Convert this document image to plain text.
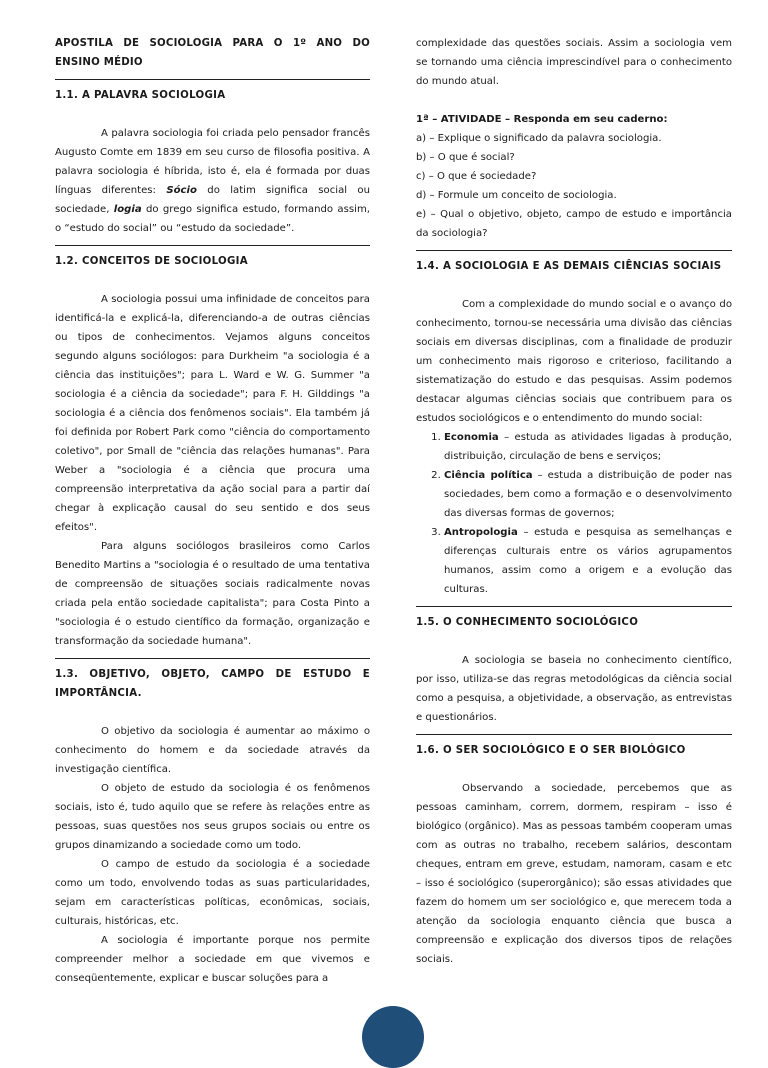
APOSTILA DE SOCIOLOGIA PARA O 1º ANO DO ENSINO MÉDIO

1.1. A PALAVRA SOCIOLOGIA

A palavra sociologia foi criada pelo pensador francês Augusto Comte em 1839 em seu curso de filosofia positiva. A palavra sociologia é híbrida, isto é, ela é formada por duas línguas diferentes: Sócio do latim significa social ou sociedade, logia do grego significa estudo, formando assim, o “estudo do social” ou “estudo da sociedade”.

1.2. CONCEITOS DE SOCIOLOGIA

A sociologia possui uma infinidade de conceitos para identificá-la e explicá-la, diferenciando-a de outras ciências ou tipos de conhecimentos. Vejamos alguns conceitos segundo alguns sociólogos: para Durkheim "a sociologia é a ciência das instituições"; para L. Ward e W. G. Summer "a sociologia é a ciência da sociedade"; para F. H. Gilddings "a sociologia é a ciência dos fenômenos sociais". Ela também já foi definida por Robert Park como "ciência do comportamento coletivo", por Small de "ciência das relações humanas". Para Weber a "sociologia é a ciência que procura uma compreensão interpretativa da ação social para a partir daí chegar à explicação causal do seu sentido e dos seus efeitos".

Para alguns sociólogos brasileiros como Carlos Benedito Martins a "sociologia é o resultado de uma tentativa de compreensão de situações sociais radicalmente novas criada pela então sociedade capitalista"; para Costa Pinto a "sociologia é o estudo científico da formação, organização e transformação da sociedade humana".

1.3. OBJETIVO, OBJETO, CAMPO DE ESTUDO E IMPORTÂNCIA.

O objetivo da sociologia é aumentar ao máximo o conhecimento do homem e da sociedade através da investigação científica.

O objeto de estudo da sociologia é os fenômenos sociais, isto é, tudo aquilo que se refere às relações entre as pessoas, suas questões nos seus grupos sociais ou entre os grupos dinamizando a sociedade como um todo.

O campo de estudo da sociologia é a sociedade como um todo, envolvendo todas as suas particularidades, sejam em características políticas, econômicas, sociais, culturais, históricas, etc.

A sociologia é importante porque nos permite compreender melhor a sociedade em que vivemos e conseqüentemente, explicar e buscar soluções para a

complexidade das questões sociais. Assim a sociologia vem se tornando uma ciência imprescindível para o conhecimento do mundo atual.

1ª – ATIVIDADE – Responda em seu caderno:

a) – Explique o significado da palavra sociologia.

b) – O que é social?

c) – O que é sociedade?

d) – Formule um conceito de sociologia.

e) – Qual o objetivo, objeto, campo de estudo e importância da sociologia?

1.4. A SOCIOLOGIA E AS DEMAIS CIÊNCIAS SOCIAIS

Com a complexidade do mundo social e o avanço do conhecimento, tornou-se necessária uma divisão das ciências sociais em diversas disciplinas, com a finalidade de produzir um conhecimento mais rigoroso e criterioso, facilitando a sistematização do estudo e das pesquisas. Assim podemos destacar algumas ciências sociais que contribuem para os estudos sociológicos e o entendimento do mundo social:

1. Economia – estuda as atividades ligadas à produção, distribuição, circulação de bens e serviços;
2. Ciência política – estuda a distribuição de poder nas sociedades, bem como a formação e o desenvolvimento das diversas formas de governos;
3. Antropologia – estuda e pesquisa as semelhanças e diferenças culturais entre os vários agrupamentos humanos, assim como a origem e a evolução das culturas.

1.5. O CONHECIMENTO SOCIOLÓGICO

A sociologia se baseia no conhecimento científico, por isso, utiliza-se das regras metodológicas da ciência social como a pesquisa, a objetividade, a observação, as entrevistas e questionários.

1.6. O SER SOCIOLÓGICO E O SER BIOLÓGICO

Observando a sociedade, percebemos que as pessoas caminham, correm, dormem, respiram – isso é biológico (orgânico). Mas as pessoas também cooperam umas com as outras no trabalho, recebem salários, descontam cheques, entram em greve, estudam, namoram, casam e etc – isso é sociológico (superorgânico); são essas atividades que fazem do homem um ser sociológico e, que merecem toda a atenção da sociologia enquanto ciência que busca a compreensão e explicação dos diversos tipos de relações sociais.
